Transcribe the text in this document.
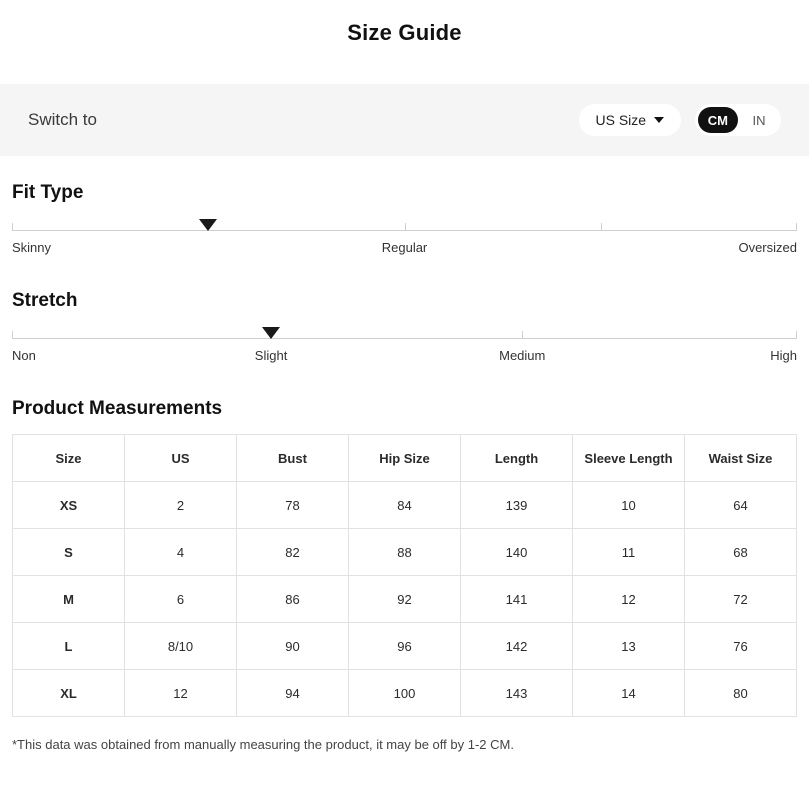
Size Guide
Switch to	US Size	CM	IN
Fit Type
Skinny	Regular	Oversized
Stretch
Non	Slight	Medium	High
Product Measurements
Size	US	Bust	Hip Size	Length	Sleeve Length	Waist Size
XS	2	78	84	139	10	64
S	4	82	88	140	11	68
M	6	86	92	141	12	72
L	8/10	90	96	142	13	76
XL	12	94	100	143	14	80
*This data was obtained from manually measuring the product, it may be off by 1-2 CM.
